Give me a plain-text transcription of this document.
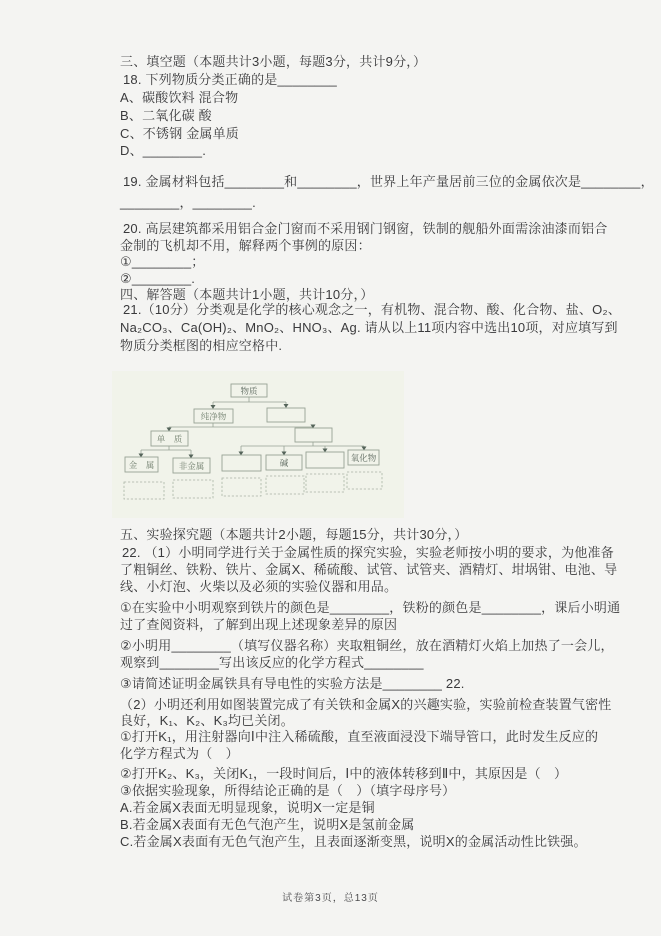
三、填空题（本题共计3小题，每题3分，共计9分，）
18. 下列物质分类正确的是________
A、碳酸饮料 混合物
B、二氧化碳 酸
C、不锈钢 金属单质
D、________.
19. 金属材料包括________和________，世界上年产量居前三位的金属依次是________，
________，________.
20. 高层建筑都采用铝合金门窗而不采用钢门钢窗，铁制的舰船外面需涂油漆而铝合
金制的飞机却不用，解释两个事例的原因：
①________；
②________.
四、解答题（本题共计1小题，共计10分，）
21.（10分）分类观是化学的核心观念之一，有机物、混合物、酸、化合物、盐、O₂、
Na₂CO₃、Ca(OH)₂、MnO₂、HNO₃、Ag. 请从以上11项内容中选出10项，对应填写到
物质分类框图的相应空格中.
物质
纯净物
单　质
金　属	非金属	碱	氧化物
五、实验探究题（本题共计2小题，每题15分，共计30分，）
22. （1）小明同学进行关于金属性质的探究实验，实验老师按小明的要求，为他准备
了粗铜丝、铁粉、铁片、金属X、稀硫酸、试管、试管夹、酒精灯、坩埚钳、电池、导
线、小灯泡、火柴以及必须的实验仪器和用品。
①在实验中小明观察到铁片的颜色是________，铁粉的颜色是________，课后小明通
过了查阅资料，了解到出现上述现象差异的原因
②小明用________（填写仪器名称）夹取粗铜丝，放在酒精灯火焰上加热了一会儿，
观察到________写出该反应的化学方程式________
③请简述证明金属铁具有导电性的实验方法是________ 22.
（2）小明还利用如图装置完成了有关铁和金属X的兴趣实验，实验前检查装置气密性
良好，K₁、K₂、K₃均已关闭。
①打开K₁，用注射器向Ⅰ中注入稀硫酸，直至液面浸没下端导管口，此时发生反应的
化学方程式为（　）
②打开K₂、K₃，关闭K₁，一段时间后，Ⅰ中的液体转移到Ⅱ中，其原因是（　）
③依据实验现象，所得结论正确的是（　）（填字母序号）
A.若金属X表面无明显现象，说明X一定是铜
B.若金属X表面有无色气泡产生，说明X是氢前金属
C.若金属X表面有无色气泡产生，且表面逐渐变黑，说明X的金属活动性比铁强。
试卷第3页，总13页
